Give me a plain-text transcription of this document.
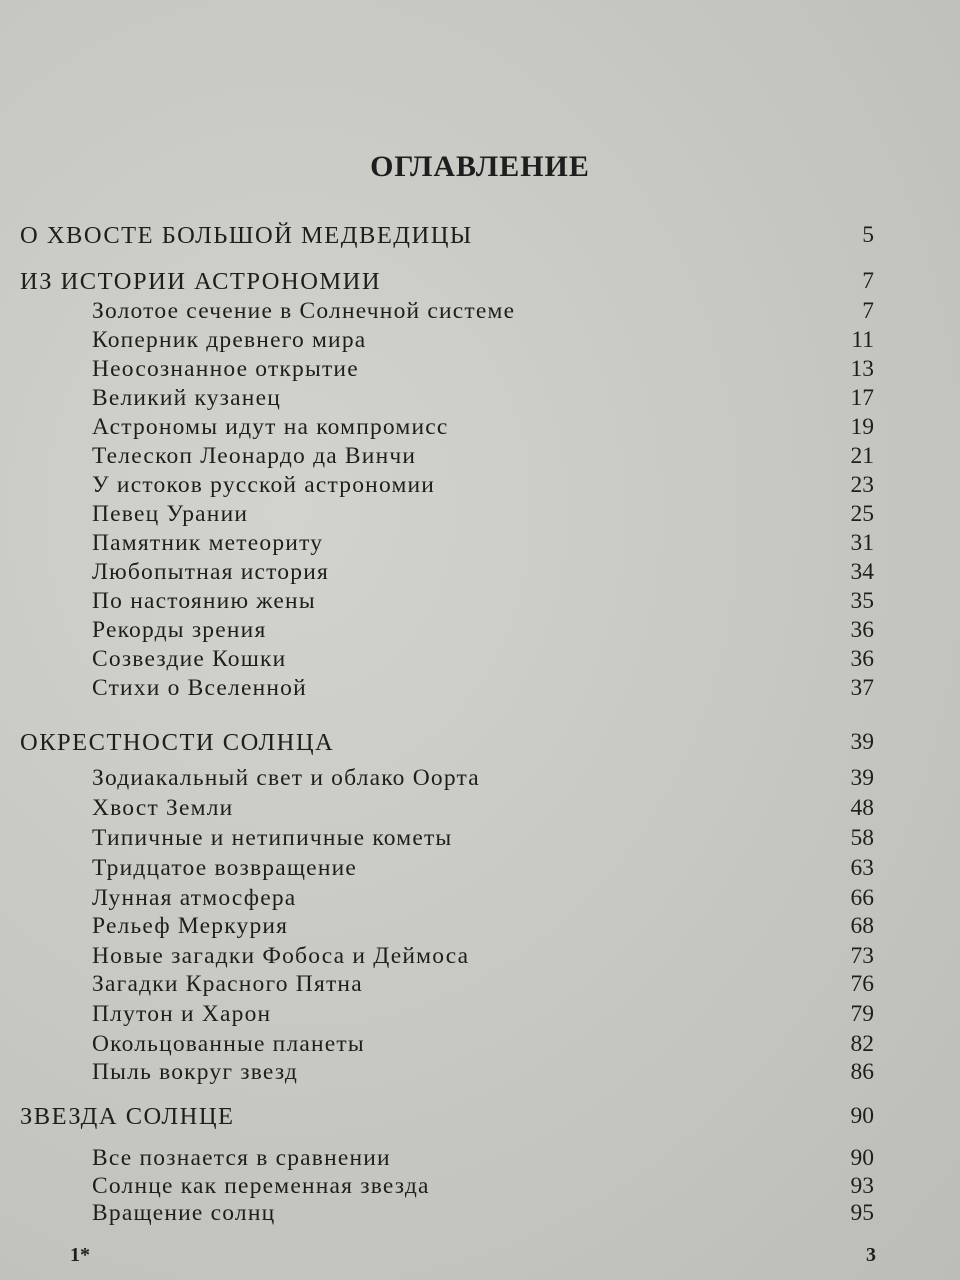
ОГЛАВЛЕНИЕ
О ХВОСТЕ БОЛЬШОЙ МЕДВЕДИЦЫ	5
ИЗ ИСТОРИИ АСТРОНОМИИ	7
Золотое сечение в Солнечной системе	7
Коперник древнего мира	11
Неосознанное открытие	13
Великий кузанец	17
Астрономы идут на компромисс	19
Телескоп Леонардо да Винчи	21
У истоков русской астрономии	23
Певец Урании	25
Памятник метеориту	31
Любопытная история	34
По настоянию жены	35
Рекорды зрения	36
Созвездие Кошки	36
Стихи о Вселенной	37
ОКРЕСТНОСТИ СОЛНЦА	39
Зодиакальный свет и облако Оорта	39
Хвост Земли	48
Типичные и нетипичные кометы	58
Тридцатое возвращение	63
Лунная атмосфера	66
Рельеф Меркурия	68
Новые загадки Фобоса и Деймоса	73
Загадки Красного Пятна	76
Плутон и Харон	79
Окольцованные планеты	82
Пыль вокруг звезд	86
ЗВЕЗДА СОЛНЦЕ	90
Все познается в сравнении	90
Солнце как переменная звезда	93
Вращение солнц	95
1*	3
